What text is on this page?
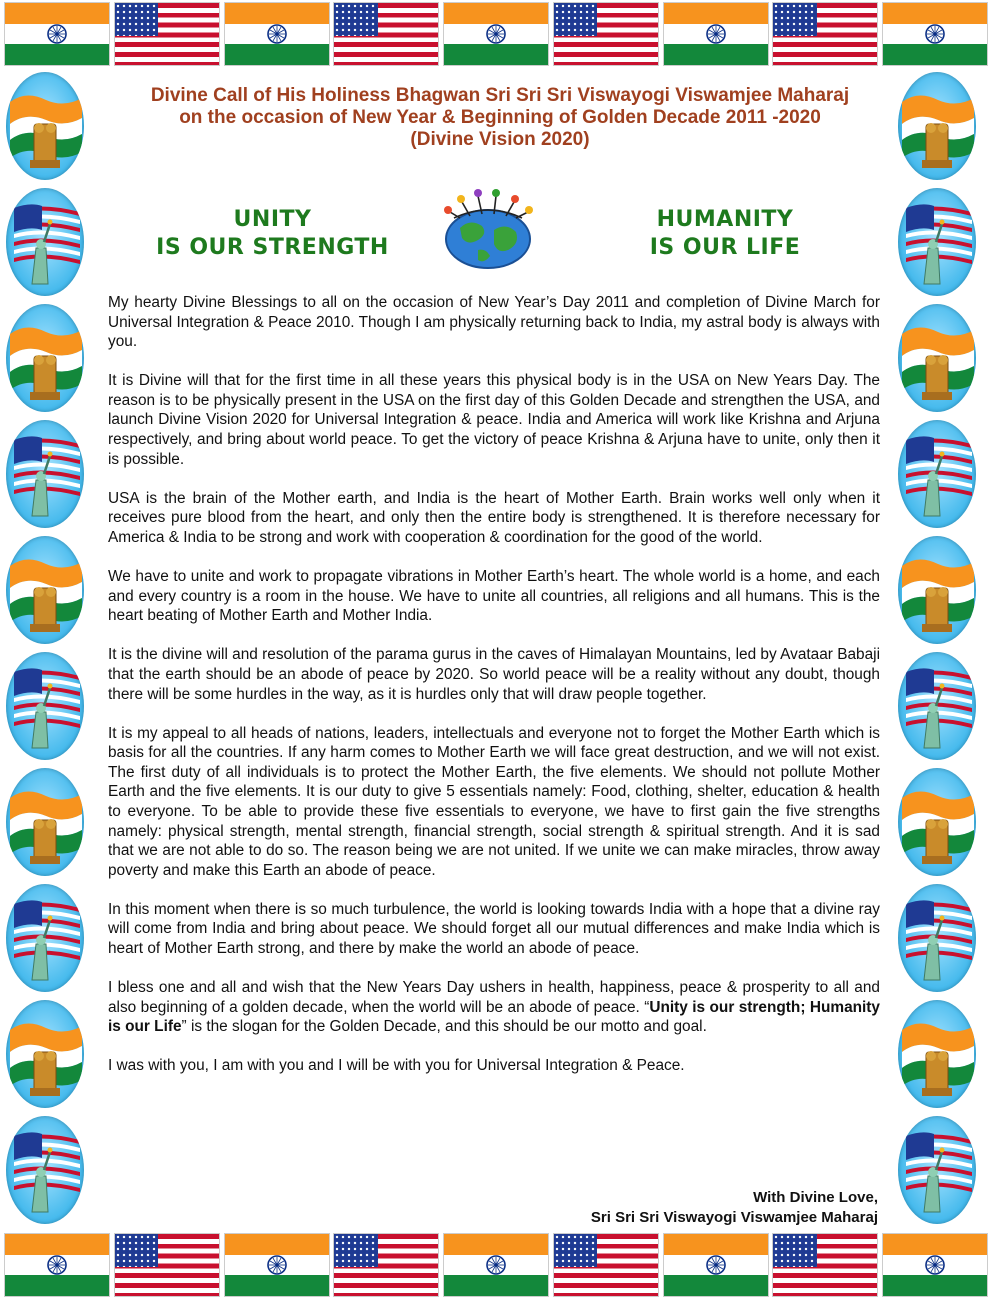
Divine Call of His Holiness Bhagwan Sri Sri Sri Viswayogi Viswamjee Maharaj
on the occasion of New Year & Beginning of Golden Decade 2011 -2020
(Divine Vision 2020)
UNITY
IS OUR STRENGTH
HUMANITY
IS OUR LIFE

My hearty Divine Blessings to all on the occasion of New Year’s Day 2011 and completion of Divine March for Universal Integration & Peace 2010. Though I am physically returning back to India, my astral body is always with you.

It is Divine will that for the first time in all these years this physical body is in the USA on New Years Day. The reason is to be physically present in the USA on the first day of this Golden Decade and strengthen the USA, and launch Divine Vision 2020 for Universal Integration & peace. India and America will work like Krishna and Arjuna respectively, and bring about world peace. To get the victory of peace Krishna & Arjuna have to unite, only then it is possible.

USA is the brain of the Mother earth, and India is the heart of Mother Earth. Brain works well only when it receives pure blood from the heart, and only then the entire body is strengthened. It is therefore necessary for America & India to be strong and work with cooperation & coordination for the good of the world.

We have to unite and work to propagate vibrations in Mother Earth’s heart. The whole world is a home, and each and every country is a room in the house. We have to unite all countries, all religions and all humans. This is the heart beating of Mother Earth and Mother India.

It is the divine will and resolution of the parama gurus in the caves of Himalayan Mountains, led by Avataar Babaji that the earth should be an abode of peace by 2020. So world peace will be a reality without any doubt, though there will be some hurdles in the way, as it is hurdles only that will draw people together.

It is my appeal to all heads of nations, leaders, intellectuals and everyone not to forget the Mother Earth which is basis for all the countries. If any harm comes to Mother Earth we will face great destruction, and we will not exist. The first duty of all individuals is to protect the Mother Earth, the five elements. We should not pollute Mother Earth and the five elements. It is our duty to give 5 essentials namely: Food, clothing, shelter, education & health to everyone. To be able to provide these five essentials to everyone, we have to first gain the five strengths namely: physical strength, mental strength, financial strength, social strength & spiritual strength. And it is sad that we are not able to do so. The reason being we are not united. If we unite we can make miracles, throw away poverty and make this Earth an abode of peace.

In this moment when there is so much turbulence, the world is looking towards India with a hope that a divine ray will come from India and bring about peace. We should forget all our mutual differences and make India which is heart of Mother Earth strong, and there by make the world an abode of peace.

I bless one and all and wish that the New Years Day ushers in health, happiness, peace & prosperity to all and also beginning of a golden decade, when the world will be an abode of peace. “Unity is our strength; Humanity is our Life” is the slogan for the Golden Decade, and this should be our motto and goal.

I was with you, I am with you and I will be with you for Universal Integration & Peace.

With Divine Love,
Sri Sri Sri Viswayogi Viswamjee Maharaj
